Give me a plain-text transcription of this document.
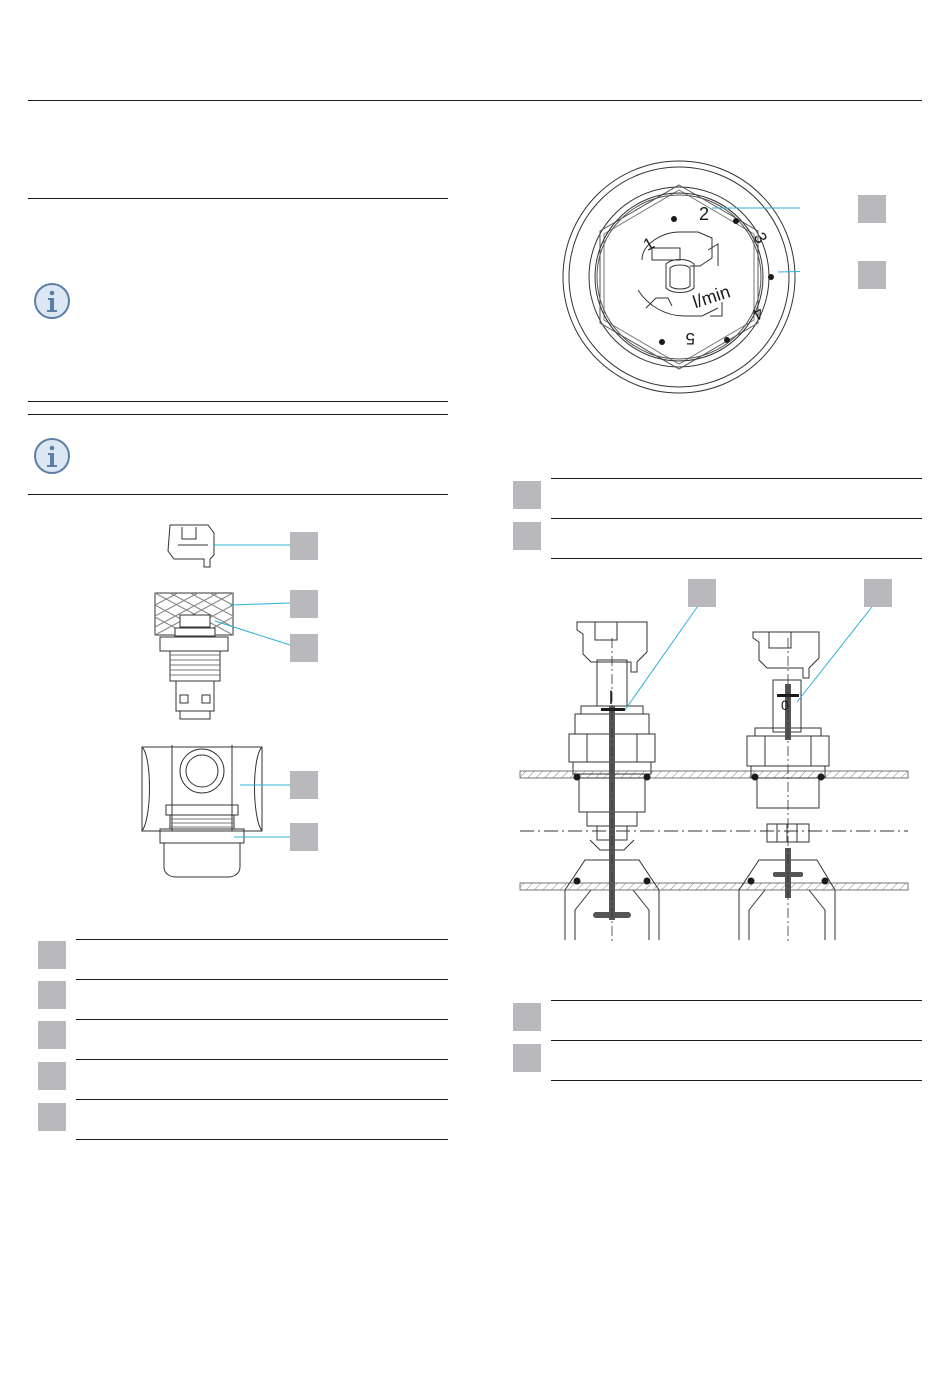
1
2
3
4
5
l/min
l	0
